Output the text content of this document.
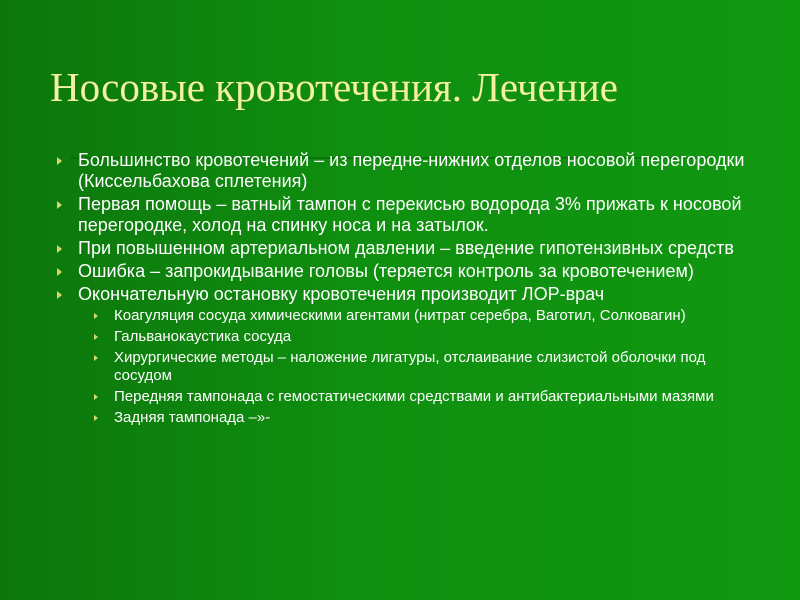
Носовые кровотечения. Лечение
Большинство кровотечений – из передне-нижних отделов носовой перегородки (Киссельбахова сплетения)
Первая помощь – ватный тампон с перекисью водорода 3% прижать к носовой перегородке, холод на спинку носа и на затылок.
При повышенном артериальном давлении – введение гипотензивных средств
Ошибка – запрокидывание головы (теряется контроль за кровотечением)
Окончательную остановку кровотечения производит ЛОР-врач
Коагуляция сосуда химическими агентами (нитрат серебра, Ваготил, Солковагин)
Гальванокаустика сосуда
Хирургические методы – наложение лигатуры, отслаивание слизистой оболочки под сосудом
Передняя тампонада с гемостатическими средствами и антибактериальными мазями
Задняя тампонада –»-
